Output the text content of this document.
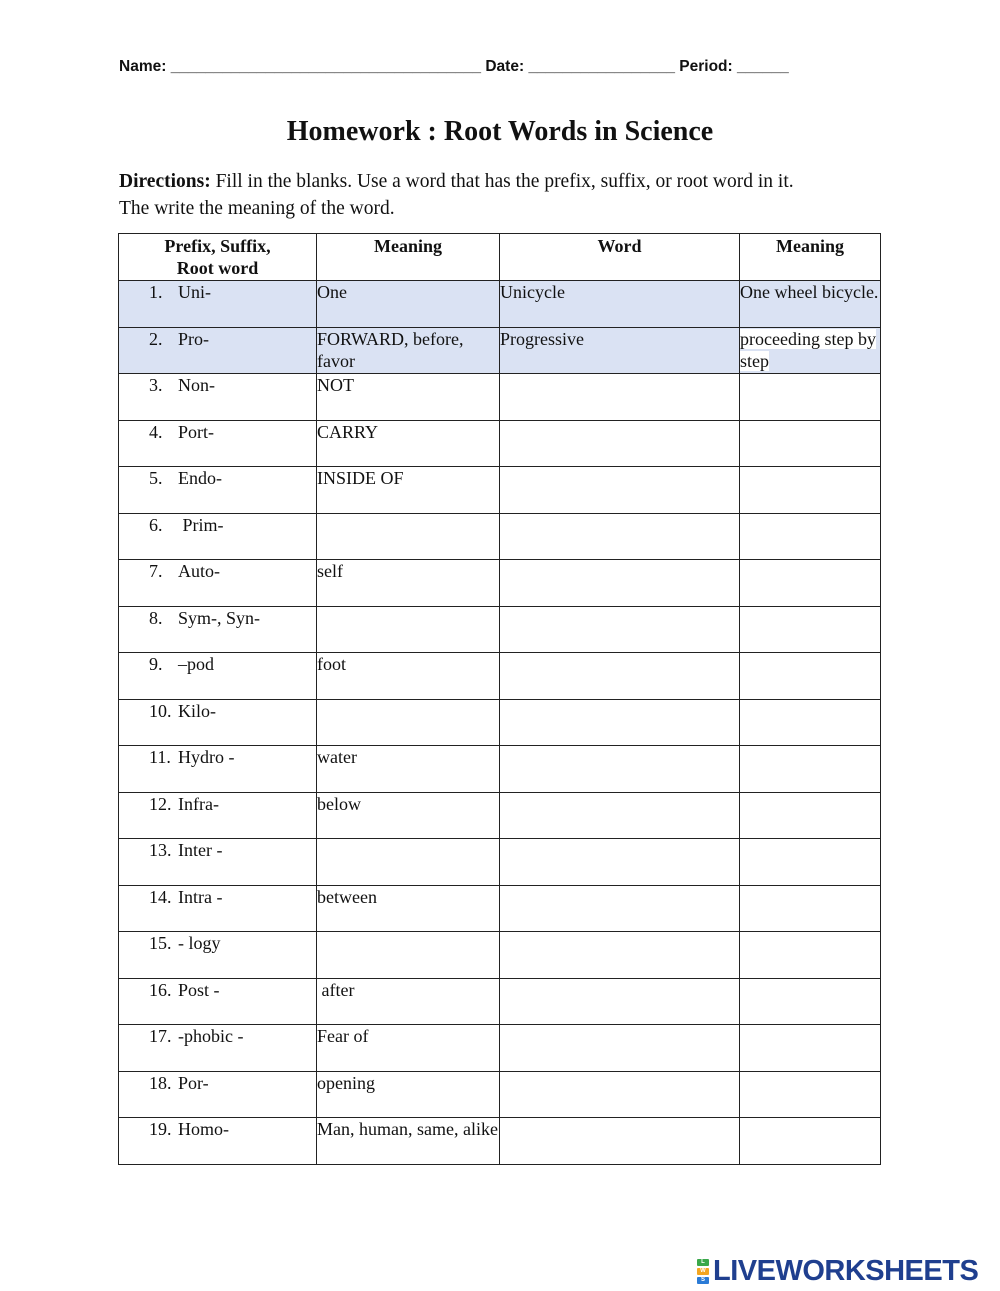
Name: ____________________________________ Date: _________________ Period: ______
Homework : Root Words in Science
Directions: Fill in the blanks. Use a word that has the prefix, suffix, or root word in it.
The write the meaning of the word.
Prefix, Suffix,
Root word	Meaning	Word	Meaning
1. Uni-	One	Unicycle	One wheel bicycle.
2. Pro-	FORWARD, before, favor	Progressive	proceeding step by step
3. Non-	NOT		
4. Port-	CARRY		
5. Endo-	INSIDE OF		
6. Prim-			
7. Auto-	self		
8. Sym-, Syn-			
9. –pod	foot		
10. Kilo-			
11. Hydro -	water		
12. Infra-	below		
13. Inter -			
14. Intra -	between		
15. - logy			
16. Post -	after		
17. -phobic -	Fear of		
18. Por-	opening		
19. Homo-	Man, human, same, alike		
L
W
S LIVEWORKSHEETS
